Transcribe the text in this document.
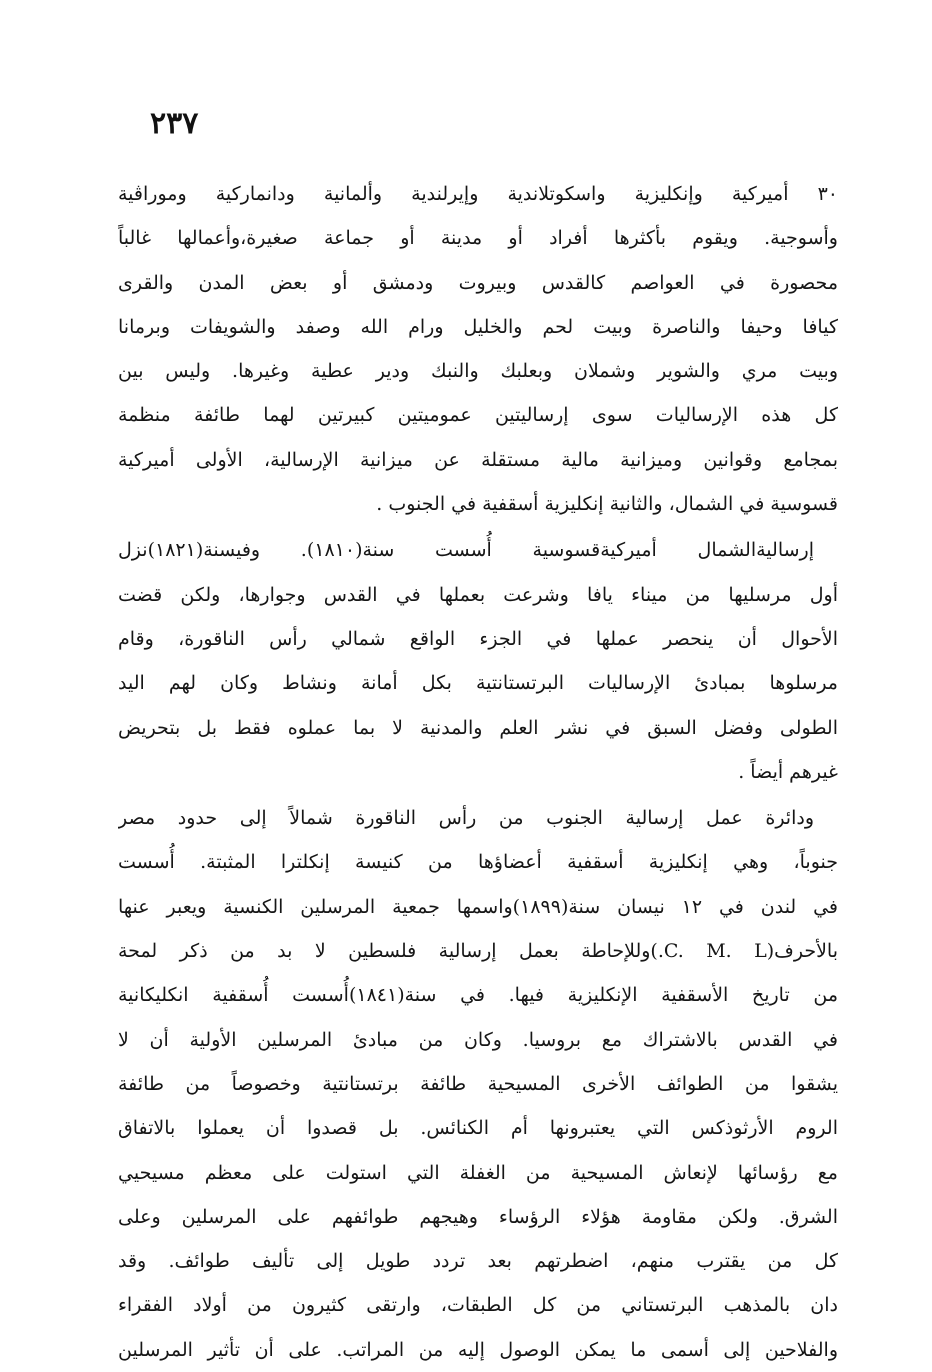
٢٣٧
٣٠ أميركية وإنكليزية واسكوتلاندية وإيرلندية وألمانية ودانماركية وموراڤية
وأسوجية. ويقوم بأكثرها أفراد أو مدينة أو جماعة صغيرة،وأعمالها غالباً
محصورة في العواصم كالقدس وبيروت ودمشق أو بعض المدن والقرى
كيافا وحيفا والناصرة وبيت لحم والخليل ورام الله وصفد والشويفات وبرمانا
وبيت مري والشوير وشملان وبعلبك والنبك ودير عطية وغيرها. وليس بين
كل هذه الإرساليات سوى إرساليتين عموميتين كبيرتين لهما طائفة منظمة
بمجامع وقوانين وميزانية مالية مستقلة عن ميزانية الإرسالية، الأولى أميركية
قسوسية في الشمال، والثانية إنكليزية أسقفية في الجنوب .
إرساليةالشمال أميركيةقسوسية أُسست سنة(١٨١٠). وفيسنة(١٨٢١)نزل
أول مرسليها من ميناء يافا وشرعت بعملها في القدس وجوارها، ولكن قضت
الأحوال أن ينحصر عملها في الجزء الواقع شمالي رأس الناقورة، وقام
مرسلوها بمبادئ الإرساليات البرتستانتية بكل أمانة ونشاط وكان لهم اليد
الطولى وفضل السبق في نشر العلم والمدنية لا بما عملوه فقط بل بتحريض
غيرهم أيضاً .
ودائرة عمل إرسالية الجنوب من رأس الناقورة شمالاً إلى حدود مصر
جنوباً، وهي إنكليزية أسقفية أعضاؤها من كنيسة إنكلترا المثبتة. أُسست
في لندن في ١٢ نيسان سنة(١٨٩٩)واسمها جمعية المرسلين الكنسية ويعبر عنها
بالأحرف(C. M. L.)وللإحاطة بعمل إرسالية فلسطين لا بد من ذكر لمحة
من تاريخ الأسقفية الإنكليزية فيها. في سنة(١٨٤١)أُسست أُسقفية انكليكانية
في القدس بالاشتراك مع بروسيا. وكان من مبادئ المرسلين الأولية أن لا
يشقوا من الطوائف الأخرى المسيحية طائفة برتستانتية وخصوصاً من طائفة
الروم الأرثوذكس التي يعتبرونها أم الكنائس. بل قصدوا أن يعملوا بالاتفاق
مع رؤسائها لإنعاش المسيحية من الغفلة التي استولت على معظم مسيحيي
الشرق. ولكن مقاومة هؤلاء الرؤساء وهيجهم طوائفهم على المرسلين وعلى
كل من يقترب منهم، اضطرتهم بعد تردد طويل إلى تأليف طوائف. وقد
دان بالمذهب البرتستاني من كل الطبقات، وارتقى كثيرون من أولاد الفقراء
والفلاحين إلى أسمى ما يمكن الوصول إليه من المراتب. على أن تأثير المرسلين
